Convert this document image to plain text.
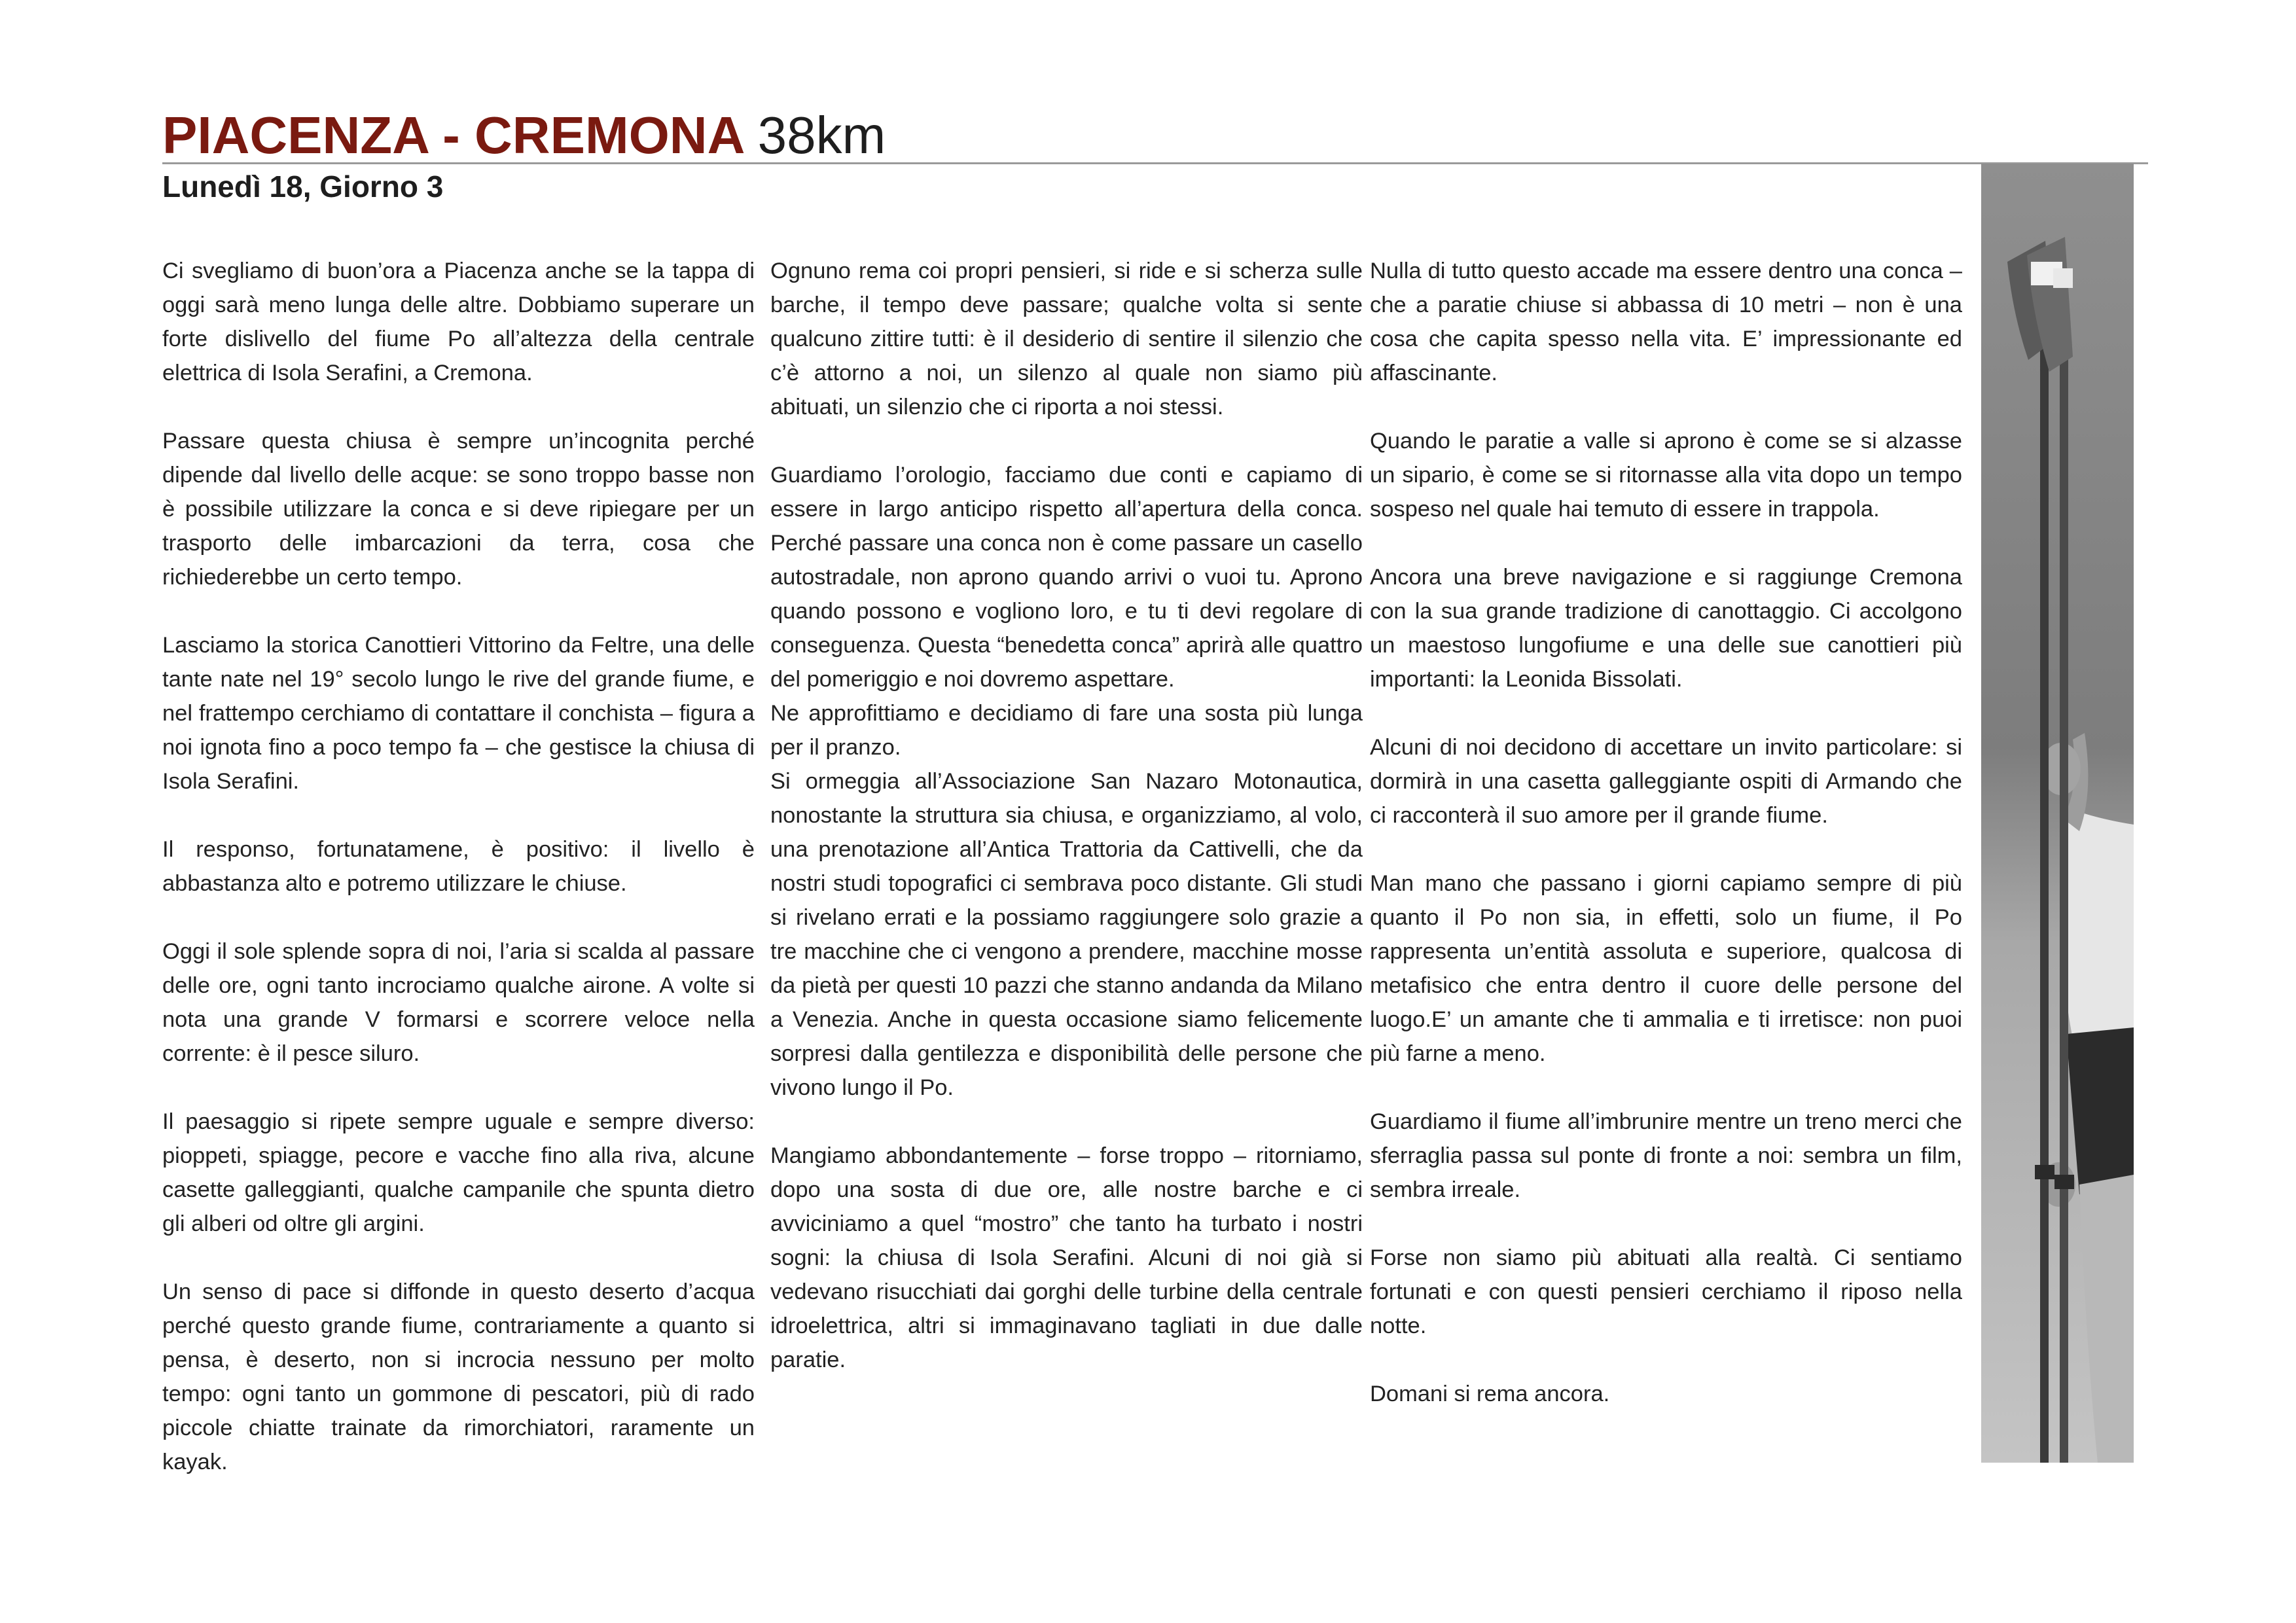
PIACENZA - CREMONA 38km
Lunedì 18, Giorno 3

Ci svegliamo di buon’ora a Piacenza anche se la tappa di oggi sarà meno lunga delle altre. Dobbiamo superare un forte dislivello del fiume Po all’altezza della centrale elettrica di Isola Serafini, a Cremona.

Passare questa chiusa è sempre un’incognita perché dipende dal livello delle acque: se sono troppo basse non è possibile utilizzare la conca e si deve ripiegare per un trasporto delle imbarcazioni da terra, cosa che richiederebbe un certo tempo.

Lasciamo la storica Canottieri Vittorino da Feltre, una delle tante nate nel 19° secolo lungo le rive del grande fiume, e nel frattempo cerchiamo di contattare il conchista – figura a noi ignota fino a poco tempo fa – che gestisce la chiusa di Isola Serafini.

Il responso, fortunatamene, è positivo: il livello è abbastanza alto e potremo utilizzare le chiuse.

Oggi il sole splende sopra di noi, l’aria si scalda al passare delle ore, ogni tanto incrociamo qualche airone. A volte si nota una grande V formarsi e scorrere veloce nella corrente: è il pesce siluro.

Il paesaggio si ripete sempre uguale e sempre diverso: pioppeti, spiagge, pecore e vacche fino alla riva, alcune casette galleggianti, qualche campanile che spunta dietro gli alberi od oltre gli argini.

Un senso di pace si diffonde in questo deserto d’acqua perché questo grande fiume, contrariamente a quanto si pensa, è deserto, non si incrocia nessuno per molto tempo: ogni tanto un gommone di pescatori, più di rado piccole chiatte trainate da rimorchiatori, raramente un kayak.

Ognuno rema coi propri pensieri, si ride e si scherza sulle barche, il tempo deve passare; qualche volta si sente qualcuno zittire tutti: è il desiderio di sentire il silenzio che c’è attorno a noi, un silenzo al quale non siamo più abituati, un silenzio che ci riporta a noi stessi.

Guardiamo l’orologio, facciamo due conti e capiamo di essere in largo anticipo rispetto all’apertura della conca. Perché passare una conca non è come passare un casello autostradale, non aprono quando arrivi o vuoi tu. Aprono quando possono e vogliono loro, e tu ti devi regolare di conseguenza. Questa “benedetta conca” aprirà alle quattro del pomeriggio e noi dovremo aspettare.

Ne approfittiamo e decidiamo di fare una sosta più lunga per il pranzo.

Si ormeggia all’Associazione San Nazaro Motonautica, nonostante la struttura sia chiusa, e organizziamo, al volo, una prenotazione all’Antica Trattoria da Cattivelli, che da nostri studi topografici ci sembrava poco distante. Gli studi si rivelano errati e la possiamo raggiungere solo grazie a tre macchine che ci vengono a prendere, macchine mosse da pietà per questi 10 pazzi che stanno andanda da Milano a Venezia. Anche in questa occasione siamo felicemente sorpresi dalla gentilezza e disponibilità delle persone che vivono lungo il Po.

Mangiamo abbondantemente – forse troppo – ritorniamo, dopo una sosta di due ore, alle nostre barche e ci avviciniamo a quel “mostro” che tanto ha turbato i nostri sogni: la chiusa di Isola Serafini. Alcuni di noi già si vedevano risucchiati dai gorghi delle turbine della centrale idroelettrica, altri si immaginavano tagliati in due dalle paratie.

Nulla di tutto questo accade ma essere dentro una conca – che a paratie chiuse si abbassa di 10 metri – non è una cosa che capita spesso nella vita. E’ impressionante ed affascinante.

Quando le paratie a valle si aprono è come se si alzasse un sipario, è come se si ritornasse alla vita dopo un tempo sospeso nel quale hai temuto di essere in trappola.

Ancora una breve navigazione e si raggiunge Cremona con la sua grande tradizione di canottaggio. Ci accolgono un maestoso lungofiume e una delle sue canottieri più importanti: la Leonida Bissolati.

Alcuni di noi decidono di accettare un invito particolare: si dormirà in una casetta galleggiante ospiti di Armando che ci racconterà il suo amore per il grande fiume.

Man mano che passano i giorni capiamo sempre di più quanto il Po non sia, in effetti, solo un fiume, il Po rappresenta un’entità assoluta e superiore, qualcosa di metafisico che entra dentro il cuore delle persone del luogo.E’ un amante che ti ammalia e ti irretisce: non puoi più farne a meno.

Guardiamo il fiume all’imbrunire mentre un treno merci che sferraglia passa sul ponte di fronte a noi: sembra un film, sembra irreale.

Forse non siamo più abituati alla realtà. Ci sentiamo fortunati e con questi pensieri cerchiamo il riposo nella notte.

Domani si rema ancora.
